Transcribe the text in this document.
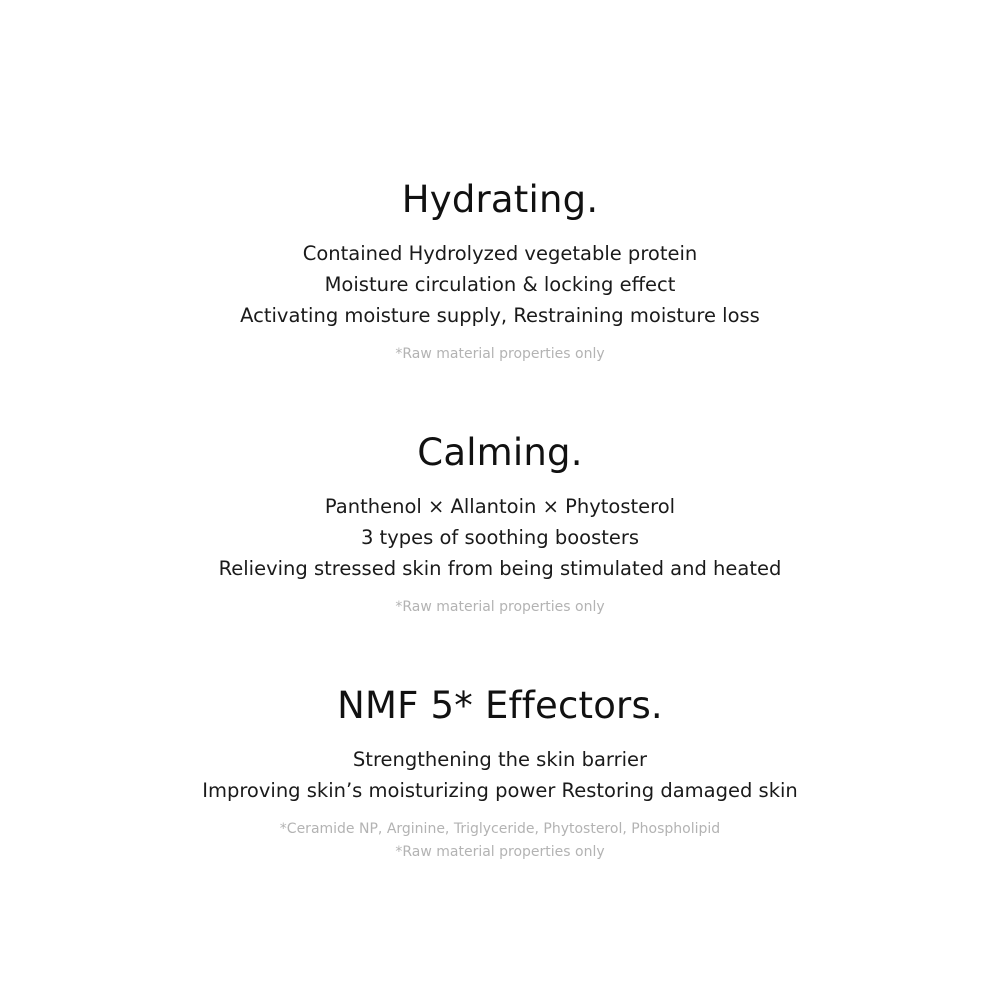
Hydrating.
Contained Hydrolyzed vegetable protein
Moisture circulation & locking effect
Activating moisture supply, Restraining moisture loss
*Raw material properties only
Calming.
Panthenol × Allantoin × Phytosterol
3 types of soothing boosters
Relieving stressed skin from being stimulated and heated
*Raw material properties only
NMF 5* Effectors.
Strengthening the skin barrier
Improving skin’s moisturizing power Restoring damaged skin
*Ceramide NP, Arginine, Triglyceride, Phytosterol, Phospholipid
*Raw material properties only
